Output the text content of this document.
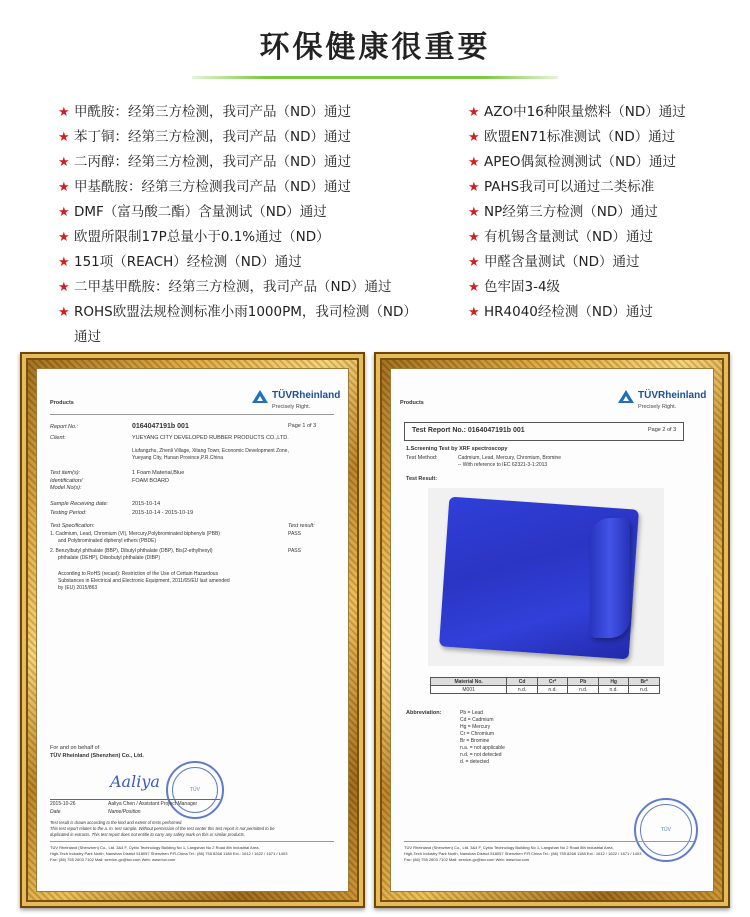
环保健康很重要
★ 甲酰胺：经第三方检测，我司产品（ND）通过
★ 苯丁铜：经第三方检测，我司产品（ND）通过
★ 二丙醇：经第三方检测，我司产品（ND）通过
★ 甲基酰胺：经第三方检测我司产品（ND）通过
★ DMF（富马酸二酯）含量测试（ND）通过
★ 欧盟所限制17P总量小于0.1%通过（ND）
★ 151项（REACH）经检测（ND）通过
★ 二甲基甲酰胺：经第三方检测，我司产品（ND）通过
★ ROHS欧盟法规检测标准小雨1000PM，我司检测（ND）
通过
★ AZO中16种限量燃料（ND）通过
★ 欧盟EN71标准测试（ND）通过
★ APEO偶氮检测测试（ND）通过
★ PAHS我司可以通过二类标准
★ NP经第三方检测（ND）通过
★ 有机锡含量测试（ND）通过
★ 甲醛含量测试（ND）通过
★ 色牢固3-4级
★ HR4040经检测（ND）通过
Products
TÜVRheinland
Precisely Right.
Report No.:	0164047191b 001	Page 1 of 3
Client:	YUEYANG CITY DEVELOPED RUBBER PRODUCTS CO.,LTD.
Liufangzhu, Zhenli Village, Xitang Town, Economic Development Zone,
Yueyang City, Hunan Province,P.R.China
Test item(s):	1 Foam Material,Blue
Identification/	FOAM BOARD
Model No(s):
Sample Receiving date:	2015-10-14
Testing Period:	2015-10-14 - 2015-10-19
Test Specification:	Test result:
1. Cadmium, Lead, Chromium (VI), Mercury,Polybrominated biphenyls (PBB)
and Polybrominated diphenyl ethers (PBDE)
PASS
2. Benzylbutyl phthalate (BBP), Dibutyl phthalate (DBP), Bis(2-ethylhexyl)
phthalate (DEHP), Diisobutyl phthalate (DIBP)
PASS
According to RoHS (recast): Restriction of the Use of Certain Hazardous
Substances in Electrical and Electronic Equipment, 2011/65/EU last amended
by (EU) 2015/863
For and on behalf of
TÜV Rheinland (Shenzhen) Co., Ltd.
Aaliya	TÜV
2015-10-26	Aaliya Chen / Assistant Project Manager
Date	Name/Position
Test result is drawn according to the kind and extent of tests performed.
This test report relates to the a. m. test sample. Without permission of the test center this test report is not permitted to be
duplicated in extracts. This test report does not entitle to carry any safety mark on this or similar products.
TÜV Rheinland (Shenzhen) Co., Ltd. 3&4 F, Cybio Technology Building No 1, Langshan No 2 Road 8th Industrial Area,
High-Tech Industry Park North, Nanshan District 518057 Shenzhen P.R.China Tel.: (86) 755 8268 1188 Ext.: 1612 / 1622 / 1671 / 1403
Fax: (86) 755 2603 7102 Mail: service-gc@tuv.com Web: www.tuv.com
Products
TÜVRheinland
Precisely Right.
Test Report No.: 0164047191b 001	Page 2 of 3
1.Screening Test by XRF spectroscopy
Test Method:	Cadmium, Lead, Mercury, Chromium, Bromine
-- With reference to IEC 62321-3-1:2013
Test Result:
Material No.	Cd	Cr*	Pb	Hg	Br*
M001	n.d.	n.d.	n.d.	n.d.	n.d.
Abbreviation:	Pb = Lead
Cd = Cadmium
Hg = Mercury
Cr = Chromium
Br = Bromine
n.a. = not applicable
n.d. = not detected
d. = detected
TÜV
TÜV Rheinland (Shenzhen) Co., Ltd. 3&4 F, Cybio Technology Building No 1, Langshan No 2 Road 8th Industrial Area,
High-Tech Industry Park North, Nanshan District 518057 Shenzhen P.R.China Tel.: (86) 755 8268 1188 Ext.: 1612 / 1622 / 1671 / 1403
Fax: (86) 755 2603 7102 Mail: service-gc@tuv.com Web: www.tuv.com
